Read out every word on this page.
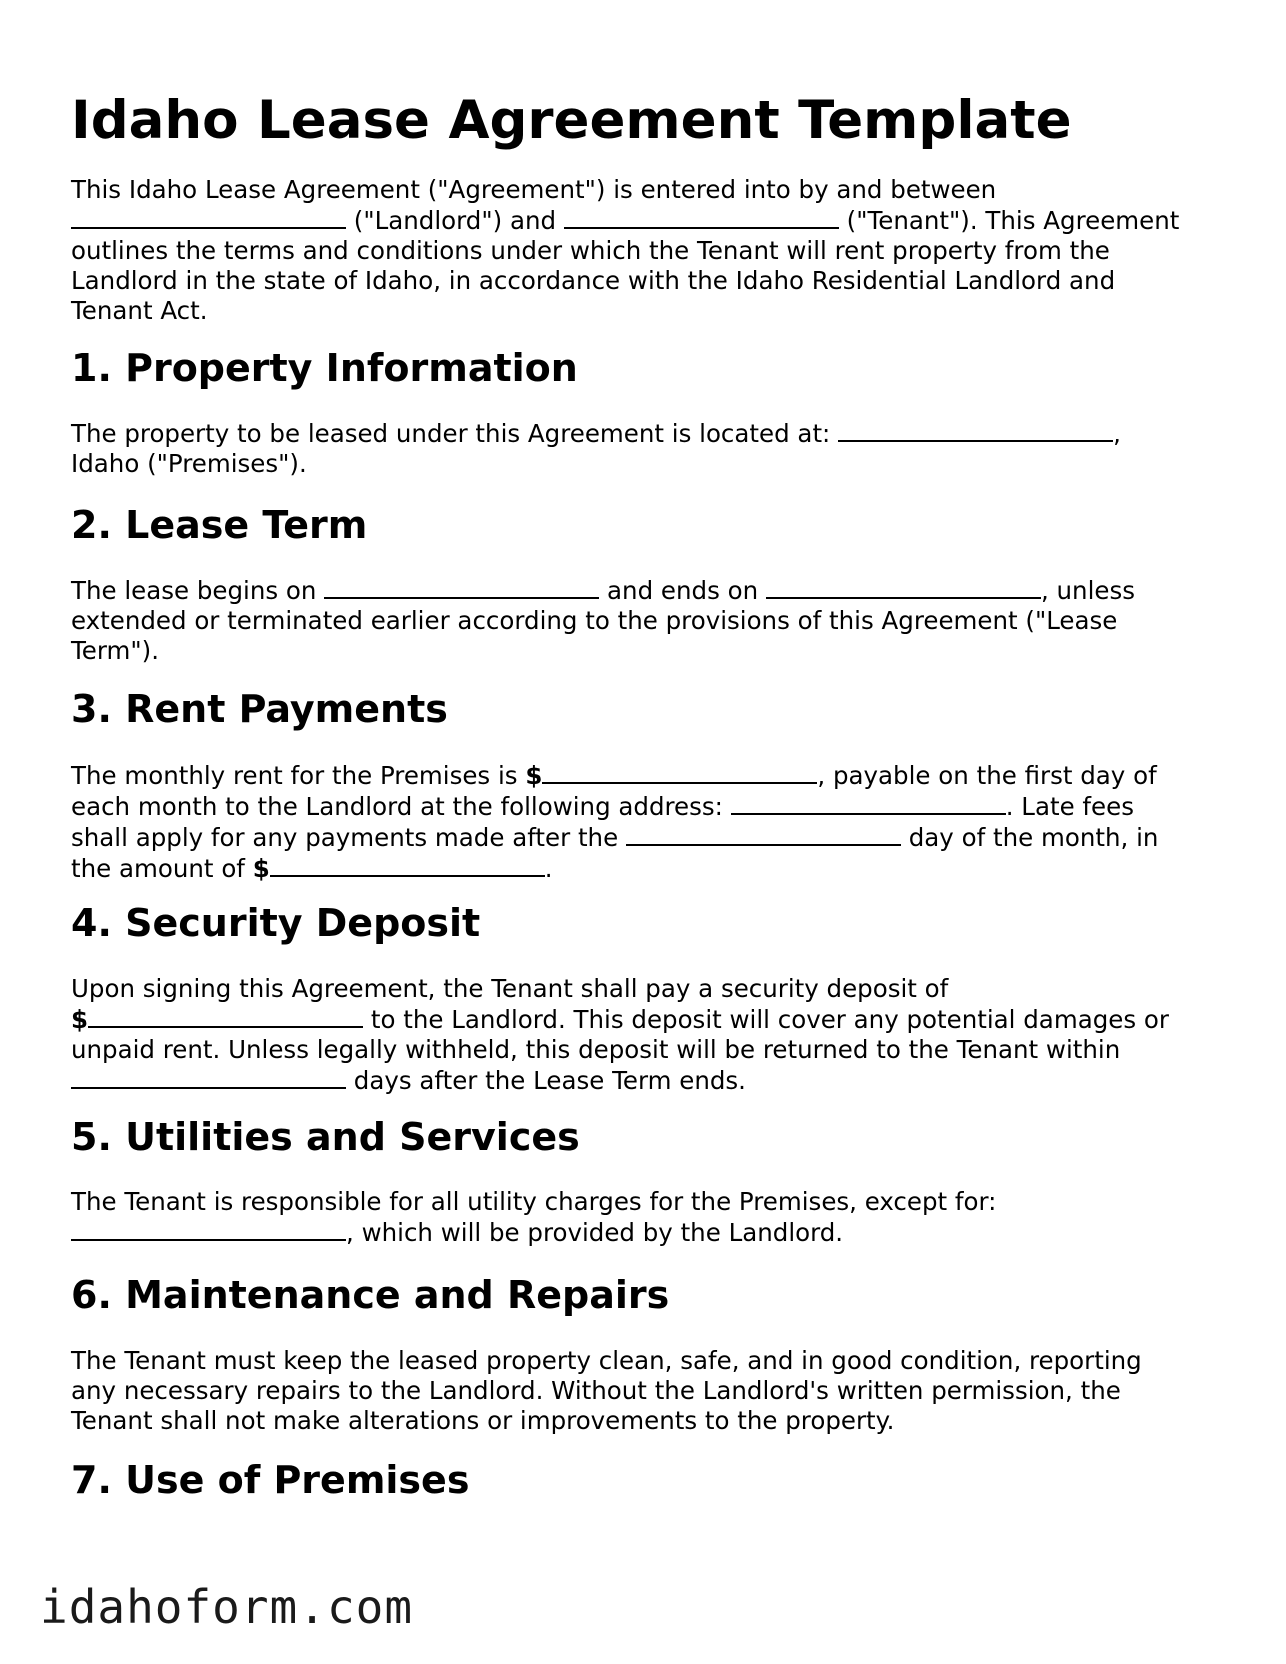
Idaho Lease Agreement Template

This Idaho Lease Agreement ("Agreement") is entered into by and between
("Landlord") and	("Tenant"). This Agreement
outlines the terms and conditions under which the Tenant will rent property from the
Landlord in the state of Idaho, in accordance with the Idaho Residential Landlord and
Tenant Act.

1. Property Information

The property to be leased under this Agreement is located at:	,
Idaho ("Premises").

2. Lease Term

The lease begins on	and ends on	, unless
extended or terminated earlier according to the provisions of this Agreement ("Lease
Term").

3. Rent Payments

The monthly rent for the Premises is $	, payable on the first day of
each month to the Landlord at the following address:	. Late fees
shall apply for any payments made after the	day of the month, in
the amount of $	.

4. Security Deposit

Upon signing this Agreement, the Tenant shall pay a security deposit of
$	to the Landlord. This deposit will cover any potential damages or
unpaid rent. Unless legally withheld, this deposit will be returned to the Tenant within
days after the Lease Term ends.

5. Utilities and Services

The Tenant is responsible for all utility charges for the Premises, except for:
, which will be provided by the Landlord.

6. Maintenance and Repairs

The Tenant must keep the leased property clean, safe, and in good condition, reporting
any necessary repairs to the Landlord. Without the Landlord's written permission, the
Tenant shall not make alterations or improvements to the property.

7. Use of Premises
idahoform.com
